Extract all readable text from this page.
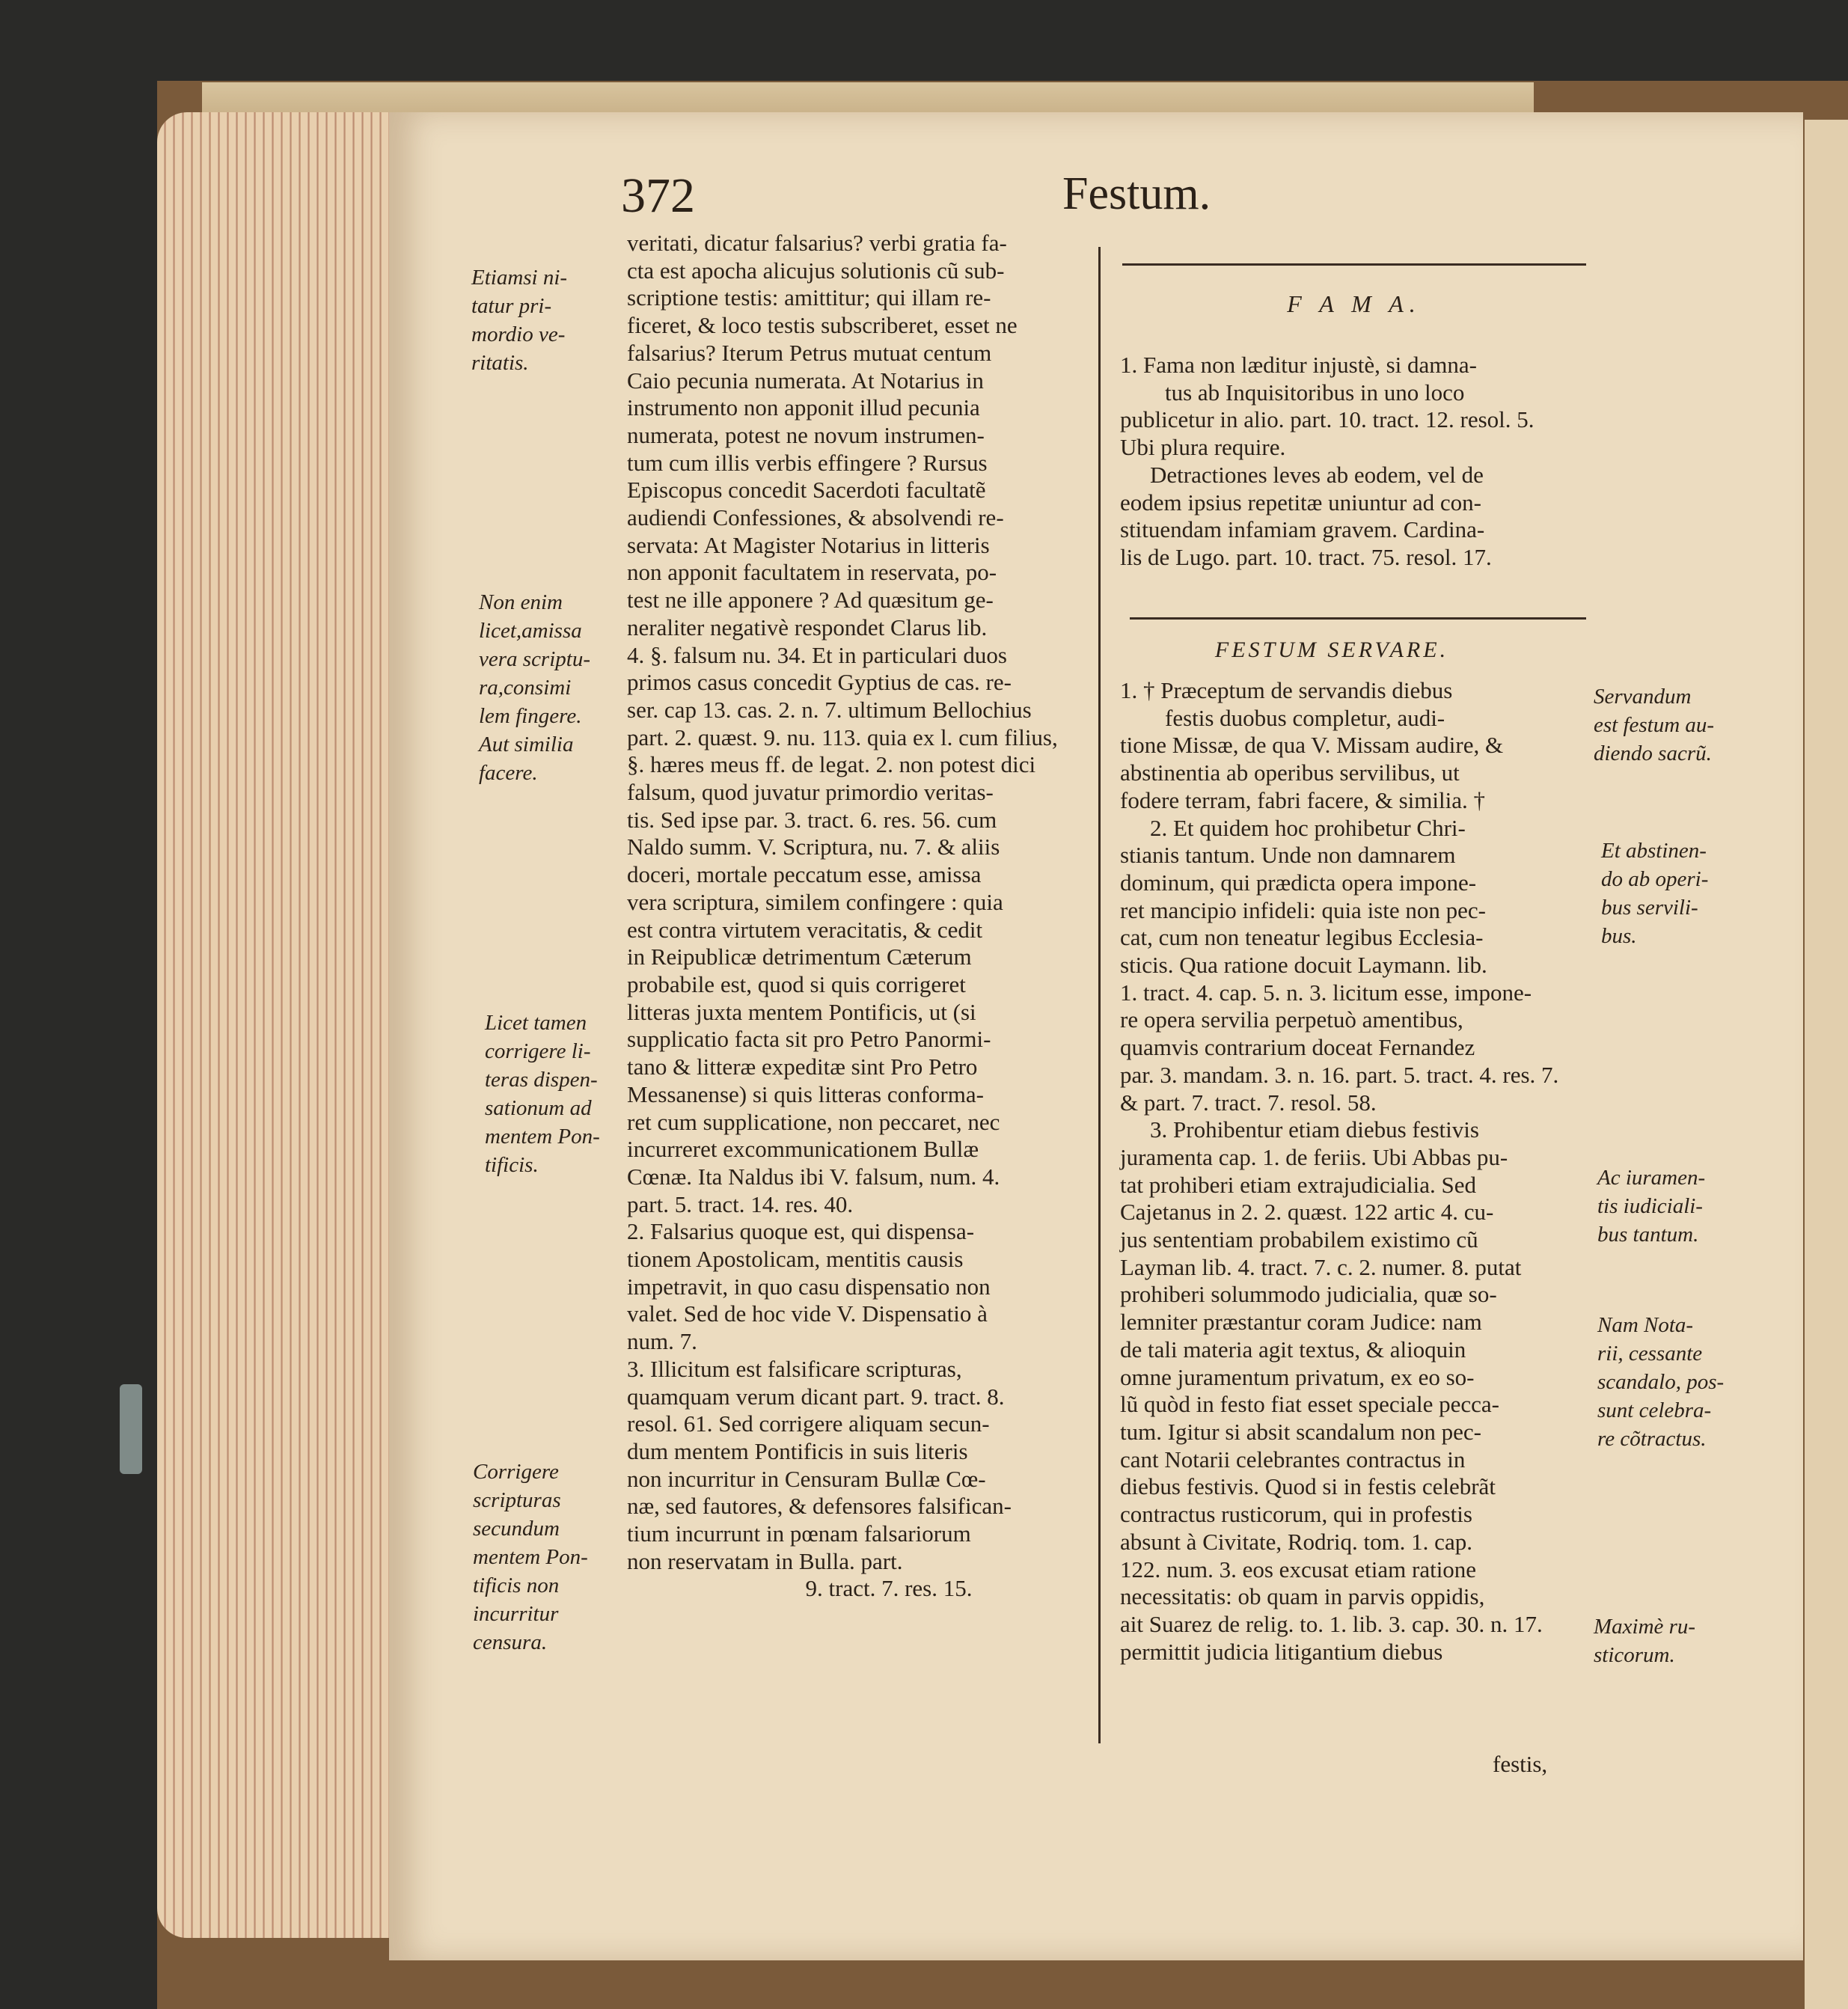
372	Festum.
Etiamsi ni-
tatur pri-
mordio ve-
ritatis.
Non enim
licet,amissa
vera scriptu-
ra,consimi
lem fingere.
Aut similia
facere.
Licet tamen
corrigere li-
teras dispen-
sationum ad
mentem Pon-
tificis.
Corrigere
scripturas
secundum
mentem Pon-
tificis non
incurritur
censura.

veritati, dicatur falsarius? verbi gratia fa-

cta est apocha alicujus solutionis cũ sub-

scriptione testis: amittitur; qui illam re-

ficeret, & loco testis subscriberet, esset ne

falsarius? Iterum Petrus mutuat centum

Caio pecunia numerata. At Notarius in

instrumento non apponit illud pecunia

numerata, potest ne novum instrumen-

tum cum illis verbis effingere ? Rursus

Episcopus concedit Sacerdoti facultatẽ

audiendi Confessiones, & absolvendi re-

servata: At Magister Notarius in litteris

non apponit facultatem in reservata, po-

test ne ille apponere ? Ad quæsitum ge-

neraliter negativè respondet Clarus lib.

4. §. falsum nu. 34. Et in particulari duos

primos casus concedit Gyptius de cas. re-

ser. cap 13. cas. 2. n. 7. ultimum Bellochius

part. 2. quæst. 9. nu. 113. quia ex l. cum filius,

§. hæres meus ff. de legat. 2. non potest dici

falsum, quod juvatur primordio veritas-

tis. Sed ipse par. 3. tract. 6. res. 56. cum

Naldo summ. V. Scriptura, nu. 7. & aliis

doceri, mortale peccatum esse, amissa

vera scriptura, similem confingere : quia

est contra virtutem veracitatis, & cedit

in Reipublicæ detrimentum Cæterum

probabile est, quod si quis corrigeret

litteras juxta mentem Pontificis, ut (si

supplicatio facta sit pro Petro Panormi-

tano & litteræ expeditæ sint Pro Petro

Messanense) si quis litteras conforma-

ret cum supplicatione, non peccaret, nec

incurreret excommunicationem Bullæ

Cœnæ. Ita Naldus ibi V. falsum, num. 4.

part. 5. tract. 14. res. 40.

2. Falsarius quoque est, qui dispensa-

tionem Apostolicam, mentitis causis

impetravit, in quo casu dispensatio non

valet. Sed de hoc vide V. Dispensatio à

num. 7.

3. Illicitum est falsificare scripturas,

quamquam verum dicant part. 9. tract. 8.

resol. 61. Sed corrigere aliquam secun-

dum mentem Pontificis in suis literis

non incurritur in Censuram Bullæ Cœ-

næ, sed fautores, & defensores falsifican-

tium incurrunt in pœnam falsariorum

non reservatam in Bulla. part.

9. tract. 7. res. 15.

F A M A.

1. Fama non læditur injustè, si damna-

tus ab Inquisitoribus in uno loco

publicetur in alio. part. 10. tract. 12. resol. 5.

Ubi plura require.

Detractiones leves ab eodem, vel de

eodem ipsius repetitæ uniuntur ad con-

stituendam infamiam gravem. Cardina-

lis de Lugo. part. 10. tract. 75. resol. 17.

FESTUM SERVARE.

1. † Præceptum de servandis diebus

festis duobus completur, audi-

tione Missæ, de qua V. Missam audire, &

abstinentia ab operibus servilibus, ut

fodere terram, fabri facere, & similia. †

2. Et quidem hoc prohibetur Chri-

stianis tantum. Unde non damnarem

dominum, qui prædicta opera impone-

ret mancipio infideli: quia iste non pec-

cat, cum non teneatur legibus Ecclesia-

sticis. Qua ratione docuit Laymann. lib.

1. tract. 4. cap. 5. n. 3. licitum esse, impone-

re opera servilia perpetuò amentibus,

quamvis contrarium doceat Fernandez

par. 3. mandam. 3. n. 16. part. 5. tract. 4. res. 7.

& part. 7. tract. 7. resol. 58.

3. Prohibentur etiam diebus festivis

juramenta cap. 1. de feriis. Ubi Abbas pu-

tat prohiberi etiam extrajudicialia. Sed

Cajetanus in 2. 2. quæst. 122 artic 4. cu-

jus sententiam probabilem existimo cũ

Layman lib. 4. tract. 7. c. 2. numer. 8. putat

prohiberi solummodo judicialia, quæ so-

lemniter præstantur coram Judice: nam

de tali materia agit textus, & alioquin

omne juramentum privatum, ex eo so-

lũ quòd in festo fiat esset speciale pecca-

tum. Igitur si absit scandalum non pec-

cant Notarii celebrantes contractus in

diebus festivis. Quod si in festis celebrãt

contractus rusticorum, qui in profestis

absunt à Civitate, Rodriq. tom. 1. cap.

122. num. 3. eos excusat etiam ratione

necessitatis: ob quam in parvis oppidis,

ait Suarez de relig. to. 1. lib. 3. cap. 30. n. 17.

permittit judicia litigantium diebus

festis,
Servandum
est festum au-
diendo sacrũ.
Et abstinen-
do ab operi-
bus servili-
bus.
Ac iuramen-
tis iudiciali-
bus tantum.
Nam Nota-
rii, cessante
scandalo, pos-
sunt celebra-
re cõtractus.
Maximè ru-
sticorum.
